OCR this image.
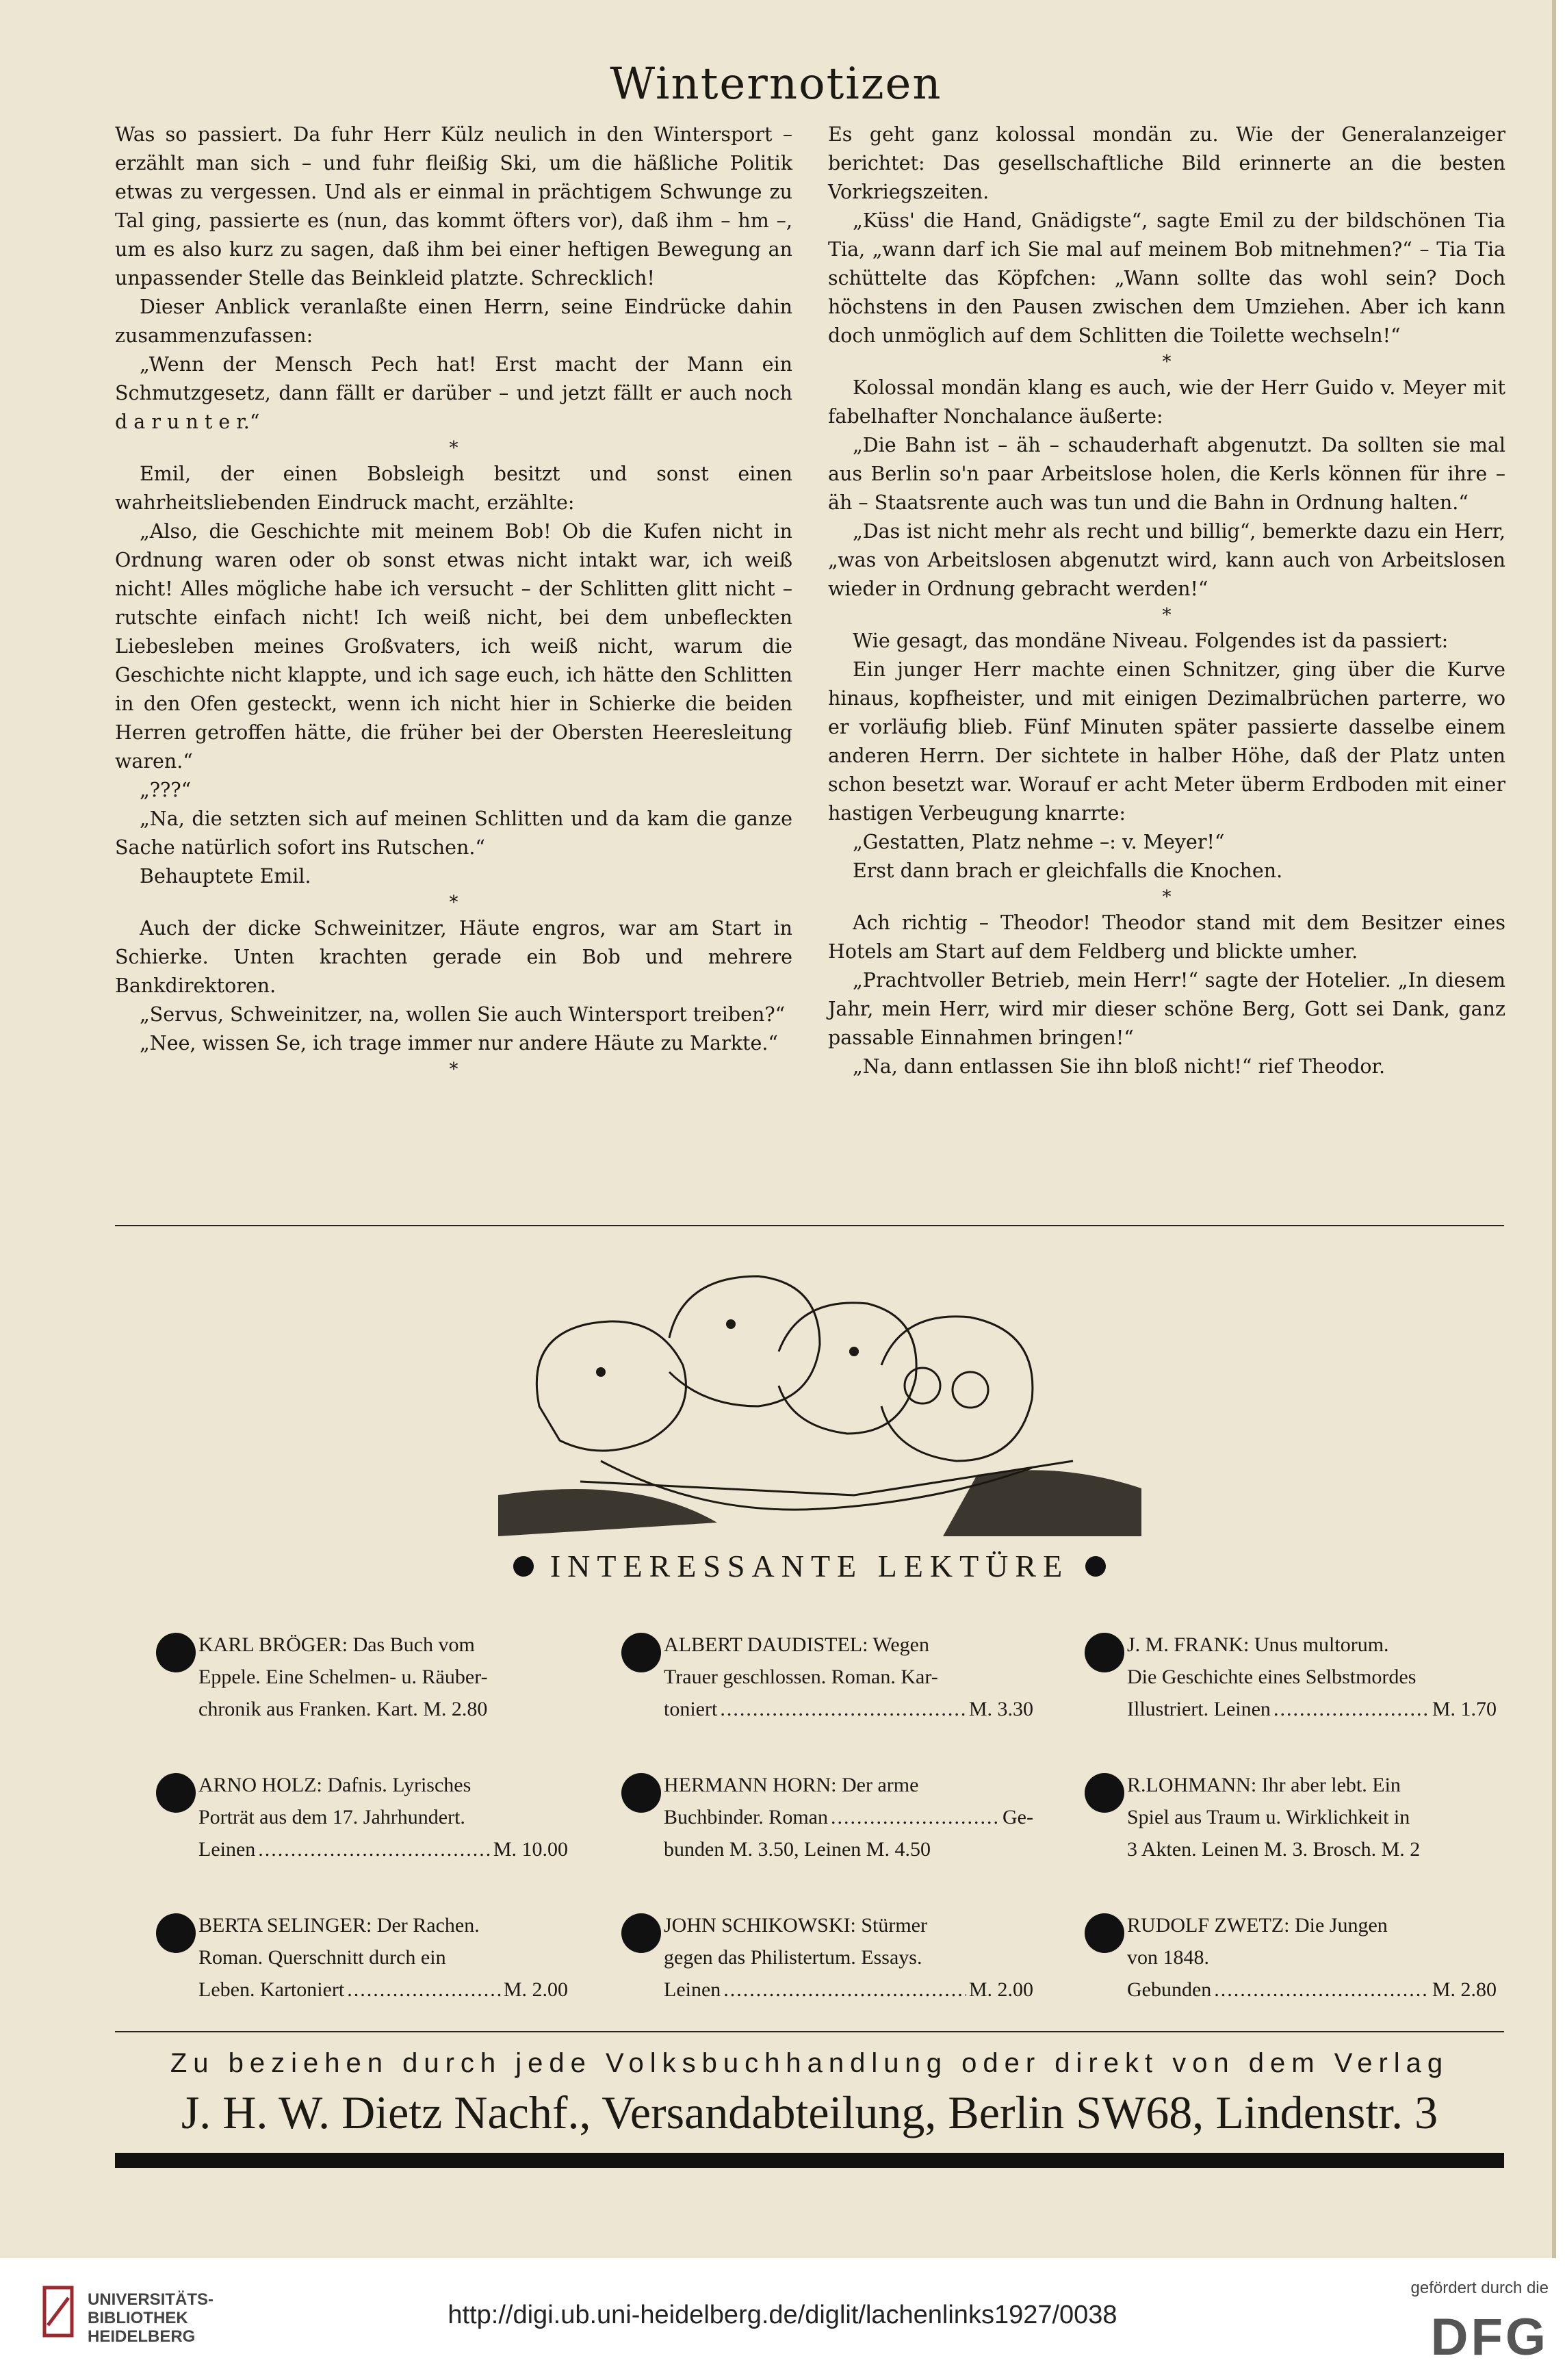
Winternotizen

Was so passiert. Da fuhr Herr Külz neulich in den Wintersport – erzählt man sich – und fuhr fleißig Ski, um die häßliche Politik etwas zu vergessen. Und als er einmal in prächtigem Schwunge zu Tal ging, passierte es (nun, das kommt öfters vor), daß ihm – hm –, um es also kurz zu sagen, daß ihm bei einer heftigen Bewegung an unpassender Stelle das Beinkleid platzte. Schrecklich!

Dieser Anblick veranlaßte einen Herrn, seine Eindrücke dahin zusammenzufassen:

„Wenn der Mensch Pech hat! Erst macht der Mann ein Schmutzgesetz, dann fällt er darüber – und jetzt fällt er auch noch d a r u n t e r.“

*

Emil, der einen Bobsleigh besitzt und sonst einen wahrheitsliebenden Eindruck macht, erzählte:

„Also, die Geschichte mit meinem Bob! Ob die Kufen nicht in Ordnung waren oder ob sonst etwas nicht intakt war, ich weiß nicht! Alles mögliche habe ich versucht – der Schlitten glitt nicht – rutschte einfach nicht! Ich weiß nicht, bei dem unbefleckten Liebesleben meines Großvaters, ich weiß nicht, warum die Geschichte nicht klappte, und ich sage euch, ich hätte den Schlitten in den Ofen gesteckt, wenn ich nicht hier in Schierke die beiden Herren getroffen hätte, die früher bei der Obersten Heeresleitung waren.“

„???“

„Na, die setzten sich auf meinen Schlitten und da kam die ganze Sache natürlich sofort ins Rutschen.“

Behauptete Emil.

*

Auch der dicke Schweinitzer, Häute engros, war am Start in Schierke. Unten krachten gerade ein Bob und mehrere Bankdirektoren.

„Servus, Schweinitzer, na, wollen Sie auch Wintersport treiben?“

„Nee, wissen Se, ich trage immer nur andere Häute zu Markte.“

*

Es geht ganz kolossal mondän zu. Wie der Generalanzeiger berichtet: Das gesellschaftliche Bild erinnerte an die besten Vorkriegszeiten.

„Küss' die Hand, Gnädigste“, sagte Emil zu der bildschönen Tia Tia, „wann darf ich Sie mal auf meinem Bob mitnehmen?“ – Tia Tia schüttelte das Köpfchen: „Wann sollte das wohl sein? Doch höchstens in den Pausen zwischen dem Umziehen. Aber ich kann doch unmöglich auf dem Schlitten die Toilette wechseln!“

*

Kolossal mondän klang es auch, wie der Herr Guido v. Meyer mit fabelhafter Nonchalance äußerte:

„Die Bahn ist – äh – schauderhaft abgenutzt. Da sollten sie mal aus Berlin so'n paar Arbeitslose holen, die Kerls können für ihre – äh – Staatsrente auch was tun und die Bahn in Ordnung halten.“

„Das ist nicht mehr als recht und billig“, bemerkte dazu ein Herr, „was von Arbeitslosen abgenutzt wird, kann auch von Arbeitslosen wieder in Ordnung gebracht werden!“

*

Wie gesagt, das mondäne Niveau. Folgendes ist da passiert:

Ein junger Herr machte einen Schnitzer, ging über die Kurve hinaus, kopfheister, und mit einigen Dezimalbrüchen parterre, wo er vorläufig blieb. Fünf Minuten später passierte dasselbe einem anderen Herrn. Der sichtete in halber Höhe, daß der Platz unten schon besetzt war. Worauf er acht Meter überm Erdboden mit einer hastigen Verbeugung knarrte:

„Gestatten, Platz nehme –: v. Meyer!“

Erst dann brach er gleichfalls die Knochen.

*

Ach richtig – Theodor! Theodor stand mit dem Besitzer eines Hotels am Start auf dem Feldberg und blickte umher.

„Prachtvoller Betrieb, mein Herr!“ sagte der Hotelier. „In diesem Jahr, mein Herr, wird mir dieser schöne Berg, Gott sei Dank, ganz passable Einnahmen bringen!“

„Na, dann entlassen Sie ihn bloß nicht!“ rief Theodor.

INTERESSANTE LEKTÜRE
KARL BRÖGER: Das Buch vom
Eppele. Eine Schelmen- u. Räuber-
chronik aus Franken. Kart. M. 2.80
ALBERT DAUDISTEL: Wegen
Trauer geschlossen. Roman. Kar-
toniert .....	M. 3.30
J. M. FRANK: Unus multorum.
Die Geschichte eines Selbstmordes
Illustriert. Leinen .....	M. 1.70
ARNO HOLZ: Dafnis. Lyrisches
Porträt aus dem 17. Jahrhundert.
Leinen .....	M. 10.00
HERMANN HORN: Der arme
Buchbinder. Roman .....	Ge-
bunden M. 3.50, Leinen M. 4.50
R.LOHMANN: Ihr aber lebt. Ein
Spiel aus Traum u. Wirklichkeit in
3 Akten. Leinen M. 3. Brosch. M. 2
BERTA SELINGER: Der Rachen.
Roman. Querschnitt durch ein
Leben. Kartoniert .....	M. 2.00
JOHN SCHIKOWSKI: Stürmer
gegen das Philistertum. Essays.
Leinen .....	M. 2.00
RUDOLF ZWETZ: Die Jungen
von 1848.
Gebunden .....	M. 2.80
Zu beziehen durch jede Volksbuchhandlung oder direkt von dem Verlag
J. H. W. Dietz Nachf., Versandabteilung, Berlin SW68, Lindenstr. 3
UNIVERSITÄTS-
BIBLIOTHEK
HEIDELBERG
http://digi.ub.uni-heidelberg.de/diglit/lachenlinks1927/0038
gefördert durch die
DFG
